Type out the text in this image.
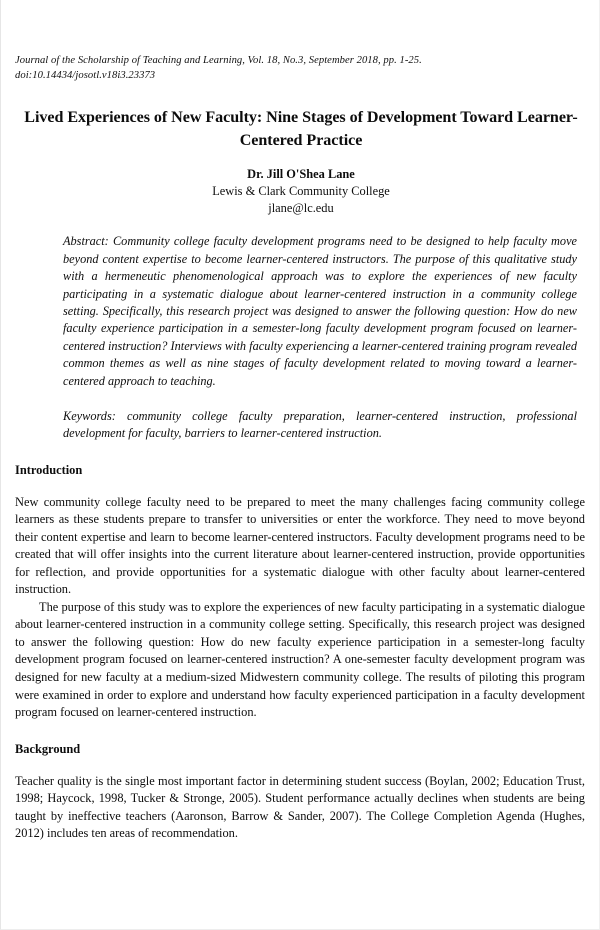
Journal of the Scholarship of Teaching and Learning, Vol. 18, No.3, September 2018, pp. 1-25.
doi:10.14434/josotl.v18i3.23373
Lived Experiences of New Faculty: Nine Stages of Development Toward Learner-Centered Practice
Dr. Jill O'Shea Lane
Lewis & Clark Community College
jlane@lc.edu

Abstract: Community college faculty development programs need to be designed to help faculty move beyond content expertise to become learner-centered instructors. The purpose of this qualitative study with a hermeneutic phenomenological approach was to explore the experiences of new faculty participating in a systematic dialogue about learner-centered instruction in a community college setting. Specifically, this research project was designed to answer the following question: How do new faculty experience participation in a semester-long faculty development program focused on learner-centered instruction? Interviews with faculty experiencing a learner-centered training program revealed common themes as well as nine stages of faculty development related to moving toward a learner-centered approach to teaching.

Keywords: community college faculty preparation, learner-centered instruction, professional development for faculty, barriers to learner-centered instruction.

Introduction

New community college faculty need to be prepared to meet the many challenges facing community college learners as these students prepare to transfer to universities or enter the workforce. They need to move beyond their content expertise and learn to become learner-centered instructors. Faculty development programs need to be created that will offer insights into the current literature about learner-centered instruction, provide opportunities for reflection, and provide opportunities for a systematic dialogue with other faculty about learner-centered instruction.

The purpose of this study was to explore the experiences of new faculty participating in a systematic dialogue about learner-centered instruction in a community college setting. Specifically, this research project was designed to answer the following question: How do new faculty experience participation in a semester-long faculty development program focused on learner-centered instruction? A one-semester faculty development program was designed for new faculty at a medium-sized Midwestern community college. The results of piloting this program were examined in order to explore and understand how faculty experienced participation in a faculty development program focused on learner-centered instruction.

Background

Teacher quality is the single most important factor in determining student success (Boylan, 2002; Education Trust, 1998; Haycock, 1998, Tucker & Stronge, 2005). Student performance actually declines when students are being taught by ineffective teachers (Aaronson, Barrow & Sander, 2007). The College Completion Agenda (Hughes, 2012) includes ten areas of recommendation.
